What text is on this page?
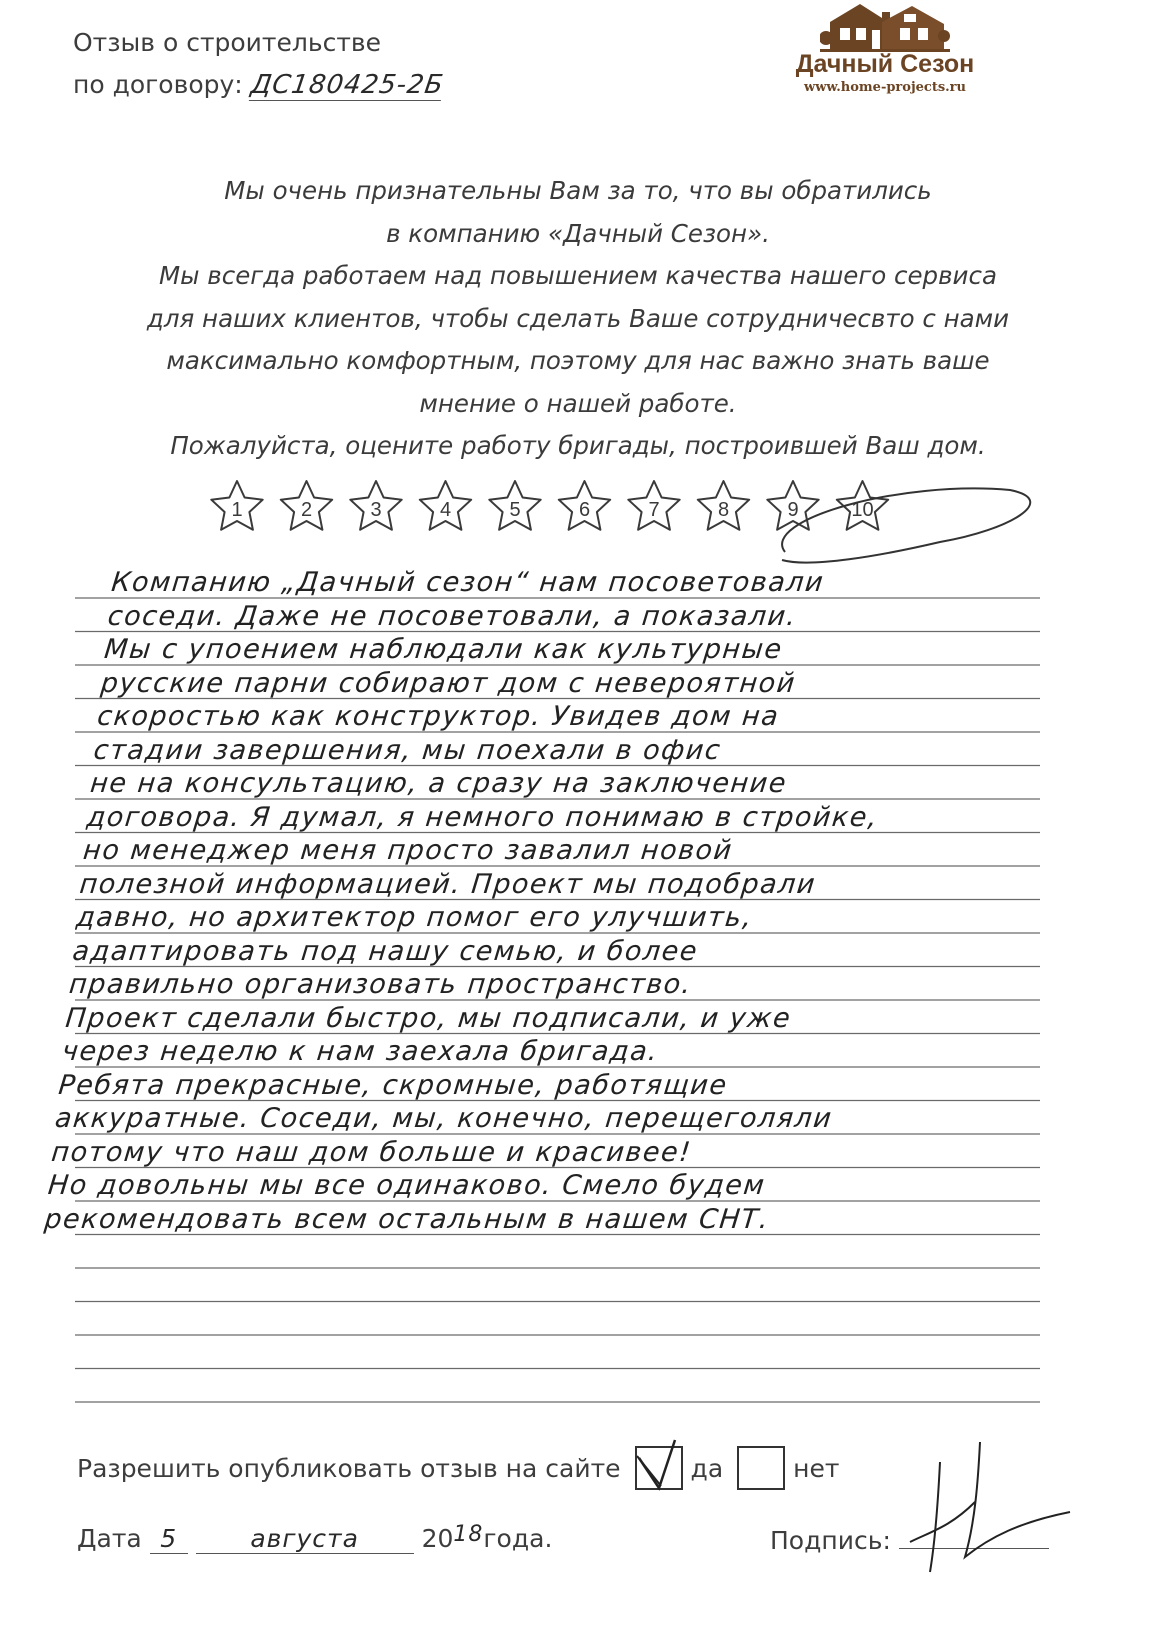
Отзыв о строительстве
по договору: ДС180425-2Б
Дачный Сезон
www.home-projects.ru

Мы очень признательны Вам за то, что вы обратились

в компанию «Дачный Сезон».

Мы всегда работаем над повышением качества нашего сервиса

для наших клиентов, чтобы сделать Ваше сотрудничесвто с нами

максимально комфортным, поэтому для нас важно знать ваше

мнение о нашей работе.

Пожалуйста, оцените работу бригады, построившей Ваш дом.

1	2	3	4	5	6	7	8	9	10
Компанию „Дачный сезон“ нам посоветовали
соседи. Даже не посоветовали, а показали.
Мы с упоением наблюдали как культурные
русские парни собирают дом с невероятной
скоростью как конструктор. Увидев дом на
стадии завершения, мы поехали в офис
не на консультацию, а сразу на заключение
договора. Я думал, я немного понимаю в стройке,
но менеджер меня просто завалил новой
полезной информацией. Проект мы подобрали
давно, но архитектор помог его улучшить,
адаптировать под нашу семью, и более
правильно организовать пространство.
Проект сделали быстро, мы подписали, и уже
через неделю к нам заехала бригада.
Ребята прекрасные, скромные, работящие
аккуратные. Соседи, мы, конечно, перещеголяли
потому что наш дом больше и красивее!
Но довольны мы все одинаково. Смело будем
рекомендовать всем остальным в нашем СНТ.
Разрешить опубликовать отзыв на сайте	да	нет
Дата 5	августа	2018года.	Подпись:
